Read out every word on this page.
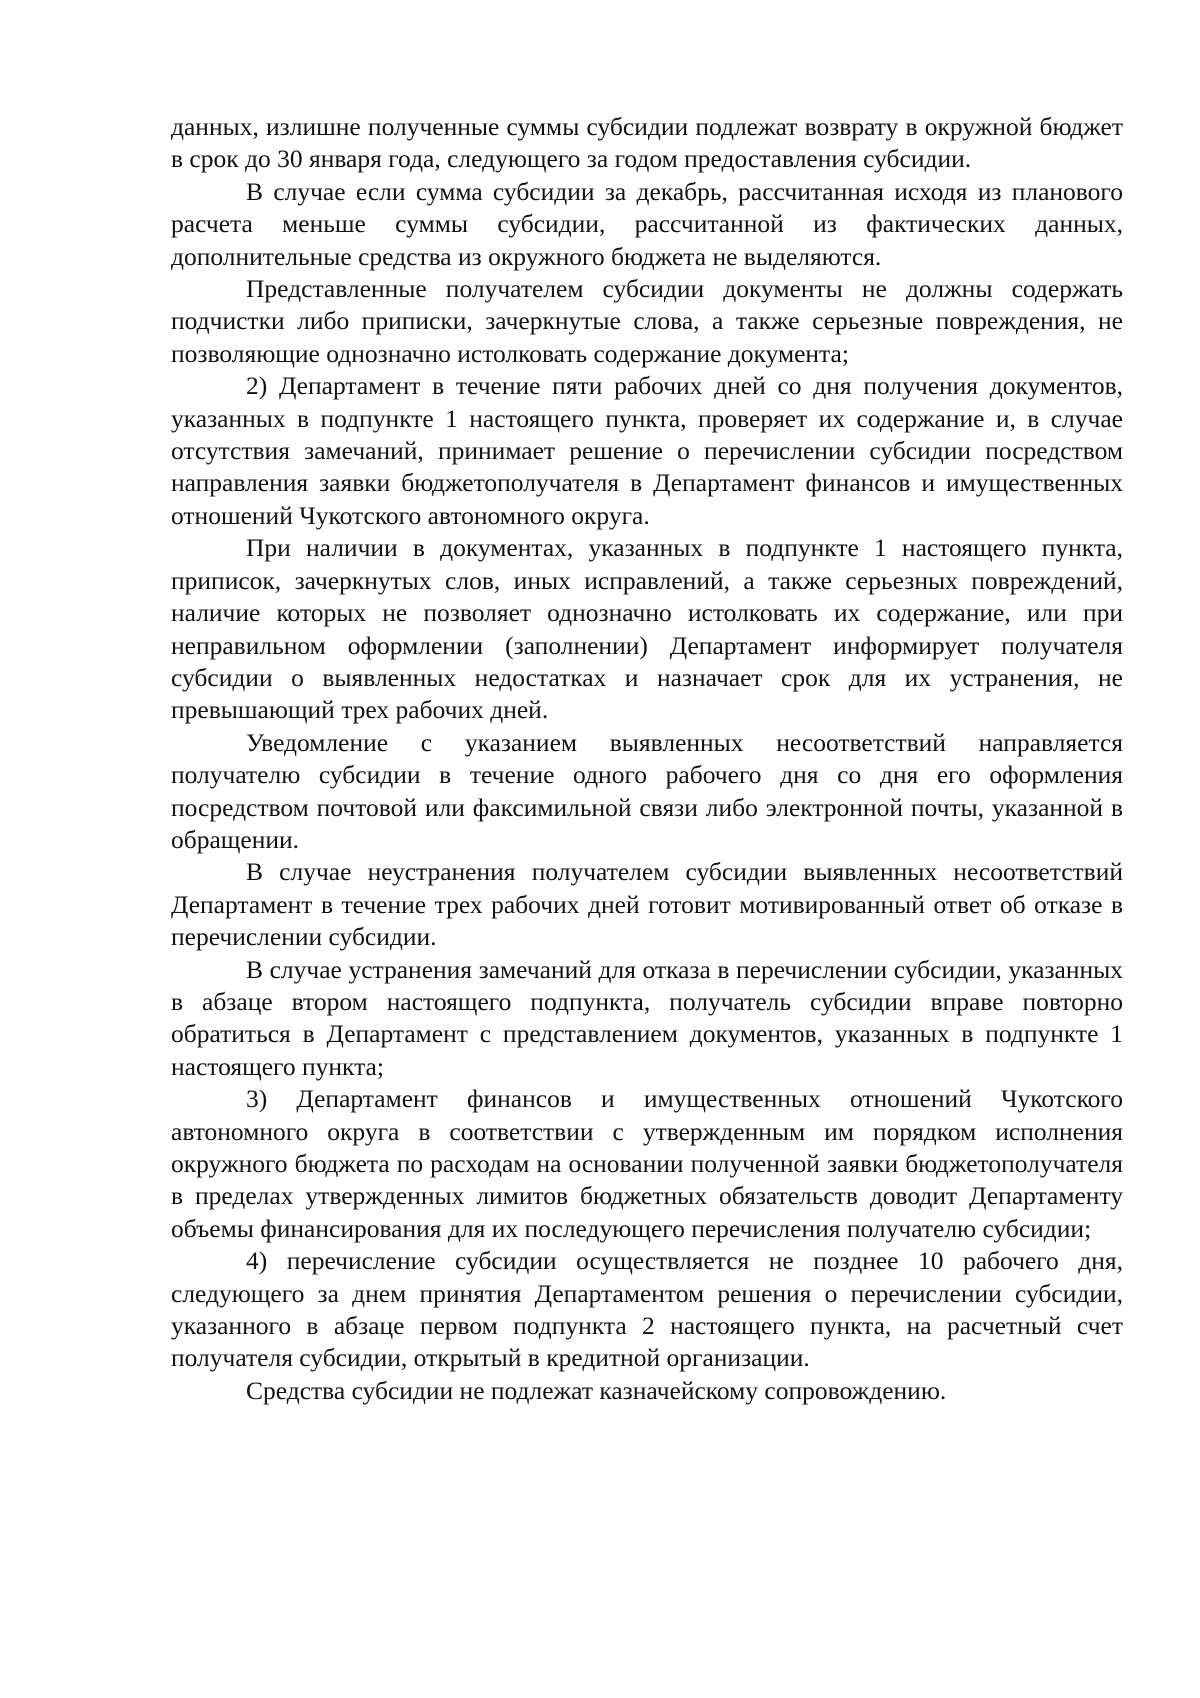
данных, излишне полученные суммы субсидии подлежат возврату в окружной бюджет в срок до 30 января года, следующего за годом предоставления субсидии.

В случае если сумма субсидии за декабрь, рассчитанная исходя из планового расчета меньше суммы субсидии, рассчитанной из фактических данных, дополнительные средства из окружного бюджета не выделяются.

Представленные получателем субсидии документы не должны содержать подчистки либо приписки, зачеркнутые слова, а также серьезные повреждения, не позволяющие однозначно истолковать содержание документа;

2) Департамент в течение пяти рабочих дней со дня получения документов, указанных в подпункте 1 настоящего пункта, проверяет их содержание и, в случае отсутствия замечаний, принимает решение о перечислении субсидии посредством направления заявки бюджетополучателя в Департамент финансов и имущественных отношений Чукотского автономного округа.

При наличии в документах, указанных в подпункте 1 настоящего пункта, приписок, зачеркнутых слов, иных исправлений, а также серьезных повреждений, наличие которых не позволяет однозначно истолковать их содержание, или при неправильном оформлении (заполнении) Департамент информирует получателя субсидии о выявленных недостатках и назначает срок для их устранения, не превышающий трех рабочих дней.

Уведомление с указанием выявленных несоответствий направляется получателю субсидии в течение одного рабочего дня со дня его оформления посредством почтовой или факсимильной связи либо электронной почты, указанной в обращении.

В случае неустранения получателем субсидии выявленных несоответствий Департамент в течение трех рабочих дней готовит мотивированный ответ об отказе в перечислении субсидии.

В случае устранения замечаний для отказа в перечислении субсидии, указанных в абзаце втором настоящего подпункта, получатель субсидии вправе повторно обратиться в Департамент с представлением документов, указанных в подпункте 1 настоящего пункта;

3) Департамент финансов и имущественных отношений Чукотского автономного округа в соответствии с утвержденным им порядком исполнения окружного бюджета по расходам на основании полученной заявки бюджетополучателя в пределах утвержденных лимитов бюджетных обязательств доводит Департаменту объемы финансирования для их последующего перечисления получателю субсидии;

4) перечисление субсидии осуществляется не позднее 10 рабочего дня, следующего за днем принятия Департаментом решения о перечислении субсидии, указанного в абзаце первом подпункта 2 настоящего пункта, на расчетный счет получателя субсидии, открытый в кредитной организации.

Средства субсидии не подлежат казначейскому сопровождению.
